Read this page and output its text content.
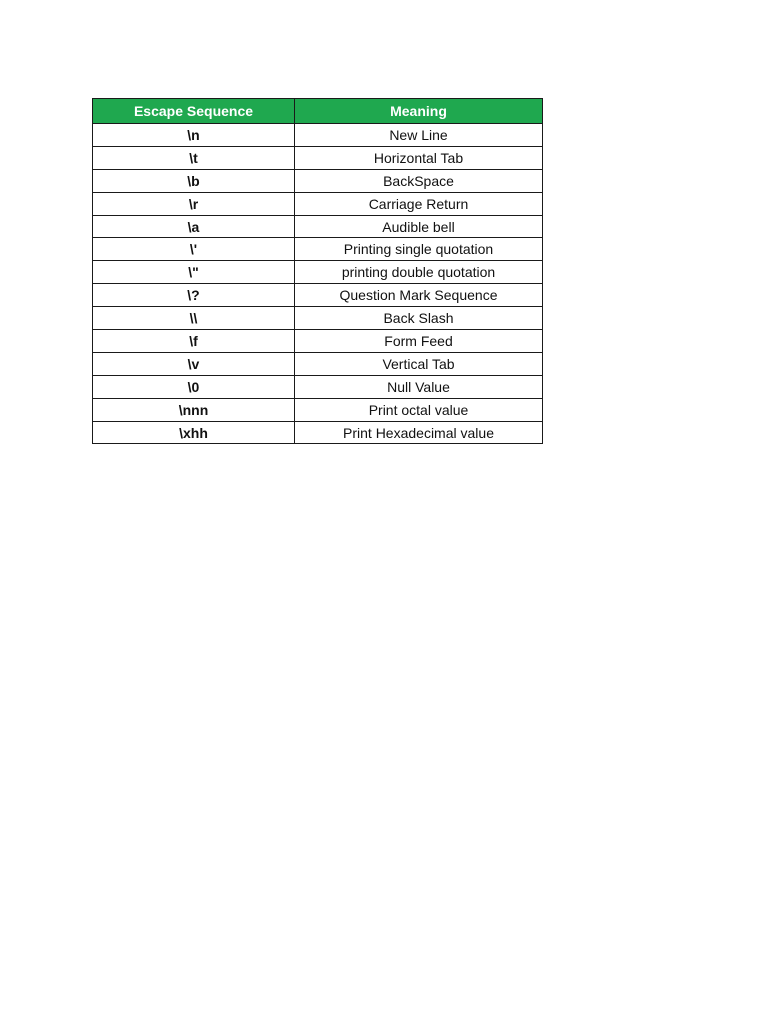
Escape Sequence	Meaning
\n	New Line
\t	Horizontal Tab
\b	BackSpace
\r	Carriage Return
\a	Audible bell
\'	Printing single quotation
\"	printing double quotation
\?	Question Mark Sequence
\\	Back Slash
\f	Form Feed
\v	Vertical Tab
\0	Null Value
\nnn	Print octal value
\xhh	Print Hexadecimal value
